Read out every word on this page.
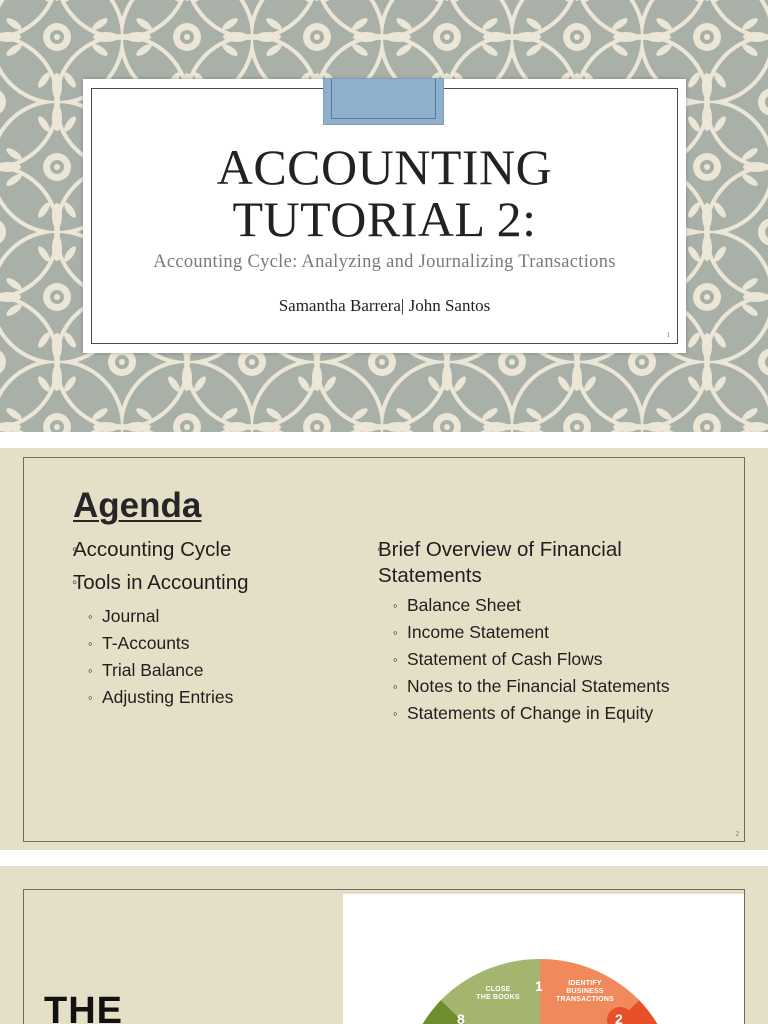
ACCOUNTING
TUTORIAL 2:
Accounting Cycle: Analyzing and Journalizing Transactions
Samantha Barrera| John Santos
1
Agenda
◦ Accounting Cycle
◦ Tools in Accounting
◦ Journal
◦ T-Accounts
◦ Trial Balance
◦ Adjusting Entries
◦ Brief Overview of Financial Statements
◦ Balance Sheet
◦ Income Statement
◦ Statement of Cash Flows
◦ Notes to the Financial Statements
◦ Statements of Change in Equity
2
THE
1	IDENTIFY
BUSINESS
TRANSACTIONS
2
CLOSE
THE BOOKS
8
